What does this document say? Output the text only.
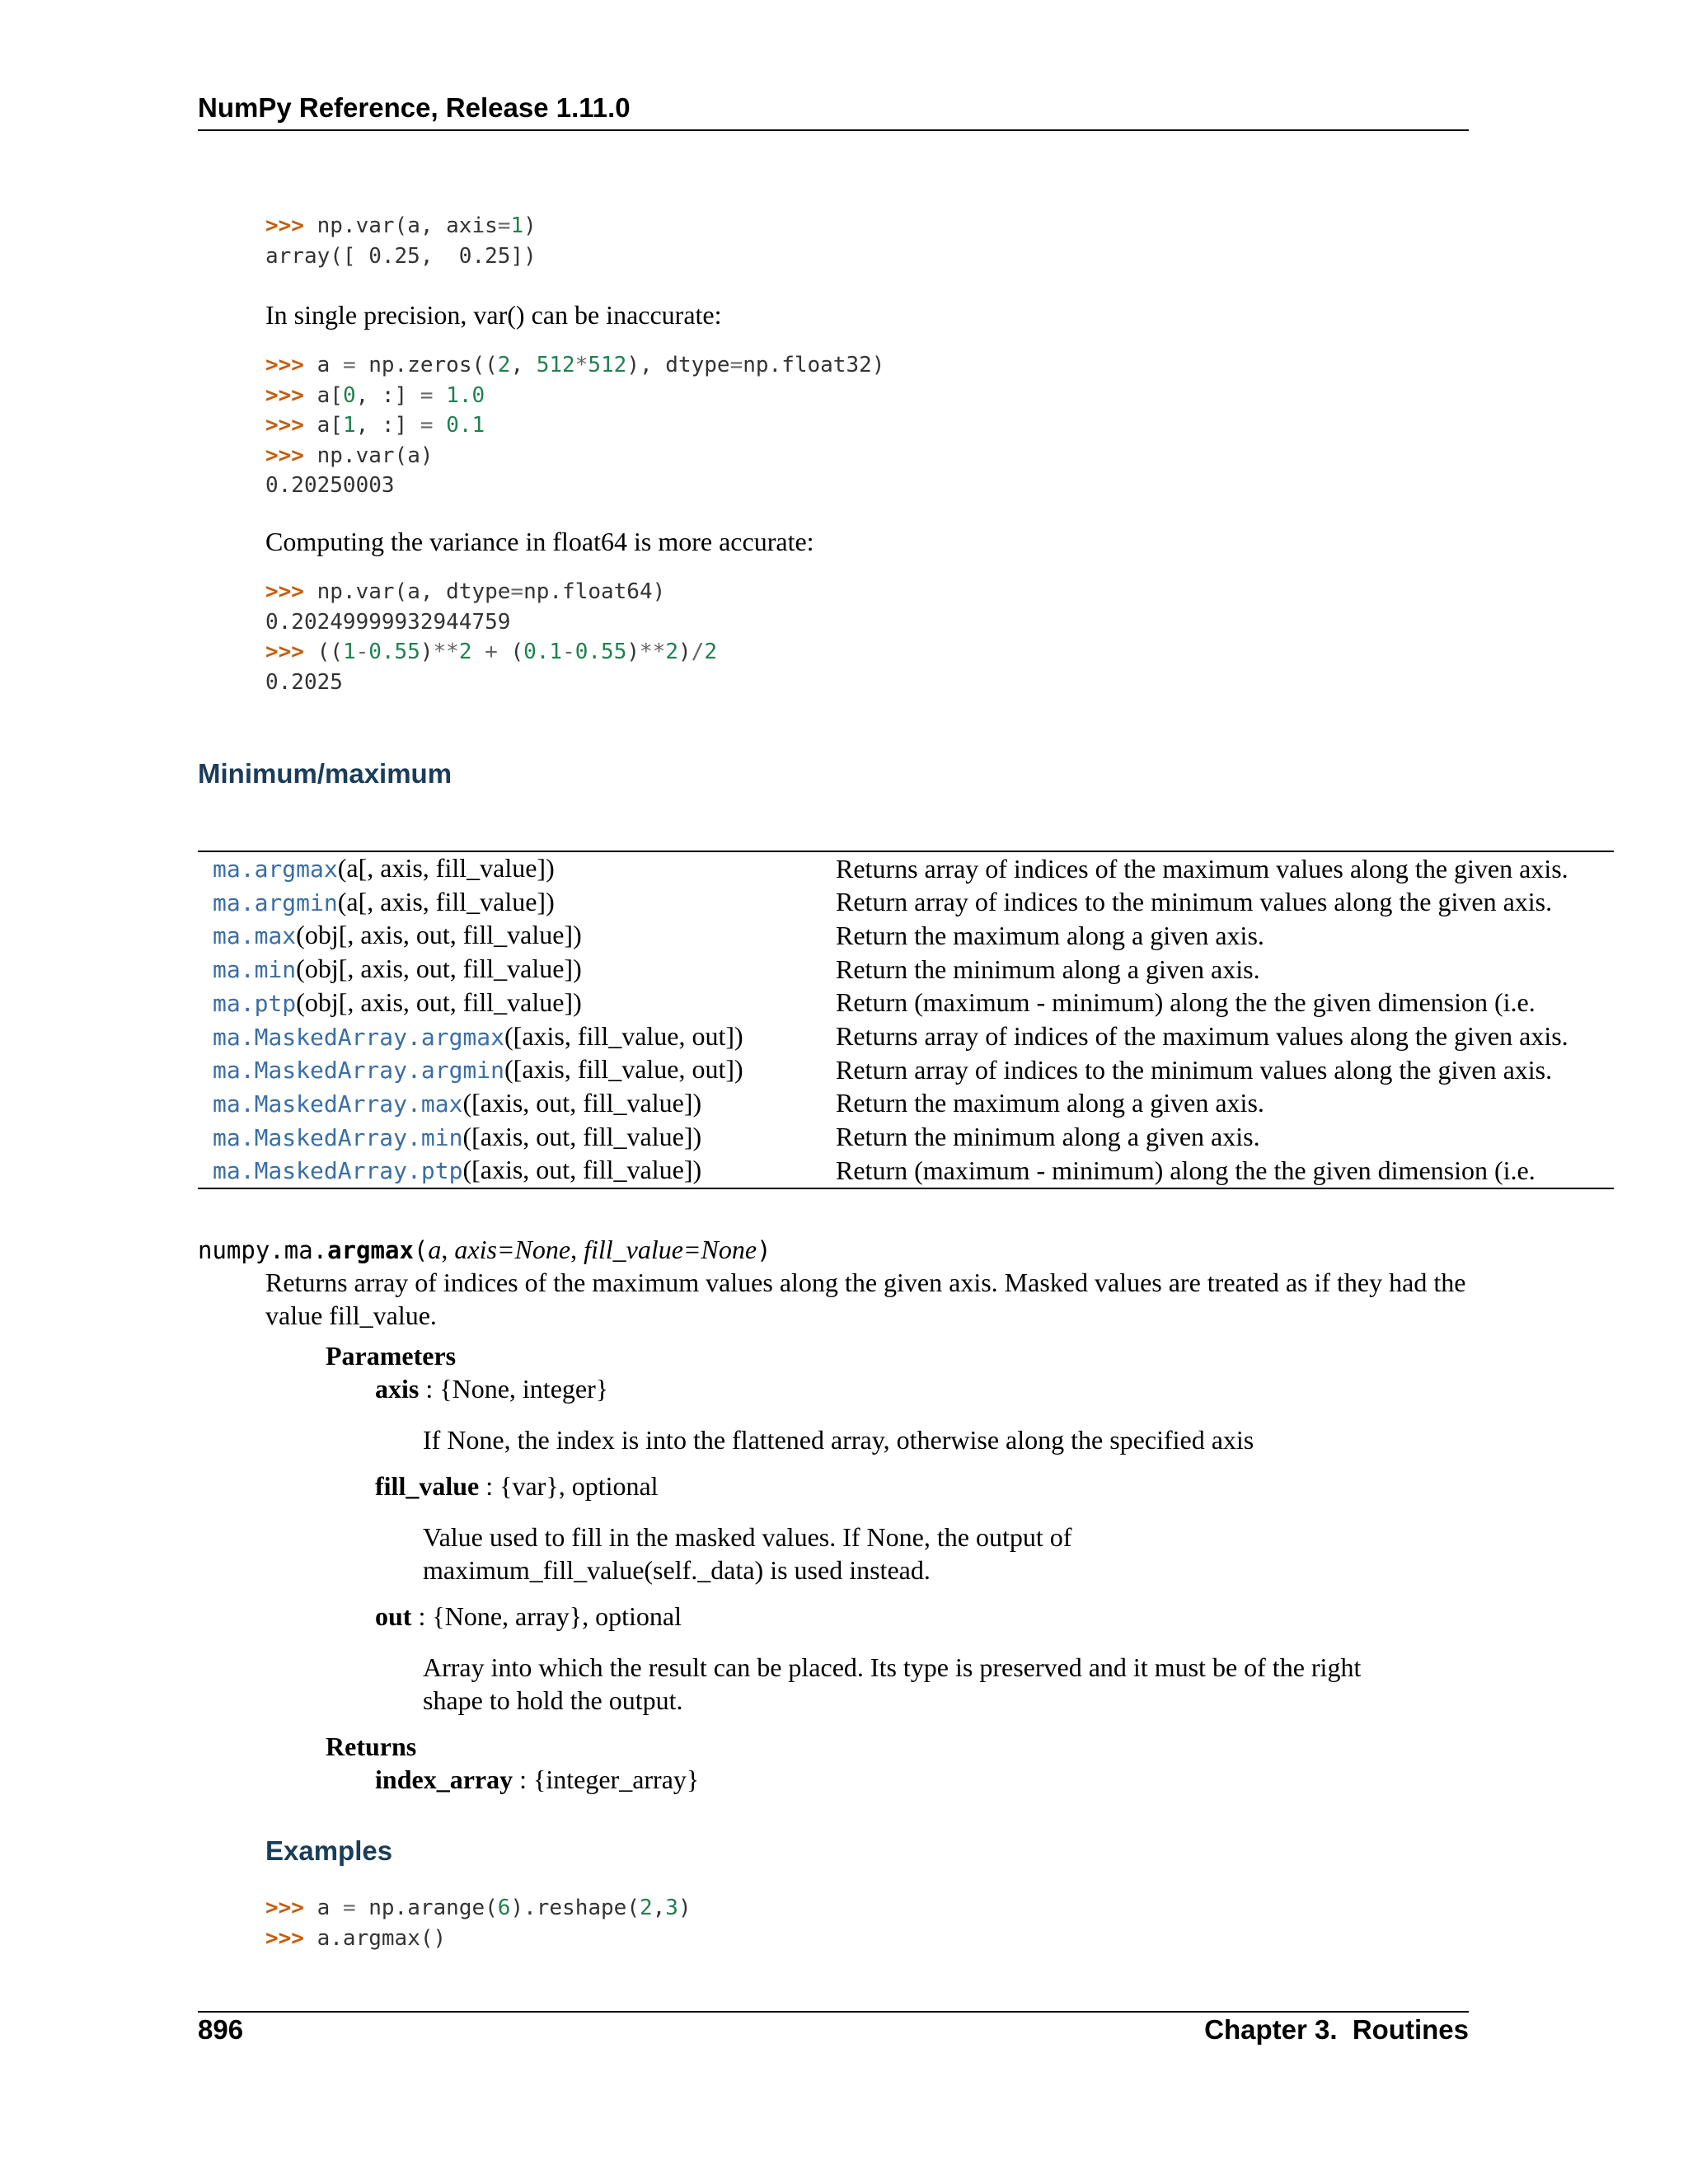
NumPy Reference, Release 1.11.0
>>> np.var(a, axis=1)
array([ 0.25,  0.25])
In single precision, var() can be inaccurate:
>>> a = np.zeros((2, 512*512), dtype=np.float32)
>>> a[0, :] = 1.0
>>> a[1, :] = 0.1
>>> np.var(a)
0.20250003
Computing the variance in float64 is more accurate:
>>> np.var(a, dtype=np.float64)
0.20249999932944759
>>> ((1-0.55)**2 + (0.1-0.55)**2)/2
0.2025
Minimum/maximum
ma.argmax(a[, axis, fill_value])	Returns array of indices of the maximum values along the given axis.
ma.argmin(a[, axis, fill_value])	Return array of indices to the minimum values along the given axis.
ma.max(obj[, axis, out, fill_value])	Return the maximum along a given axis.
ma.min(obj[, axis, out, fill_value])	Return the minimum along a given axis.
ma.ptp(obj[, axis, out, fill_value])	Return (maximum - minimum) along the the given dimension (i.e.
ma.MaskedArray.argmax([axis, fill_value, out])	Returns array of indices of the maximum values along the given axis.
ma.MaskedArray.argmin([axis, fill_value, out])	Return array of indices to the minimum values along the given axis.
ma.MaskedArray.max([axis, out, fill_value])	Return the maximum along a given axis.
ma.MaskedArray.min([axis, out, fill_value])	Return the minimum along a given axis.
ma.MaskedArray.ptp([axis, out, fill_value])	Return (maximum - minimum) along the the given dimension (i.e.
numpy.ma.argmax(a, axis=None, fill_value=None)
Returns array of indices of the maximum values along the given axis. Masked values are treated as if they had the value fill_value.
Parameters
axis : {None, integer}
If None, the index is into the flattened array, otherwise along the specified axis
fill_value : {var}, optional
Value used to fill in the masked values. If None, the output of maximum_fill_value(self._data) is used instead.
out : {None, array}, optional
Array into which the result can be placed. Its type is preserved and it must be of the right shape to hold the output.
Returns
index_array : {integer_array}
Examples
>>> a = np.arange(6).reshape(2,3)
>>> a.argmax()
896	Chapter 3.  Routines
